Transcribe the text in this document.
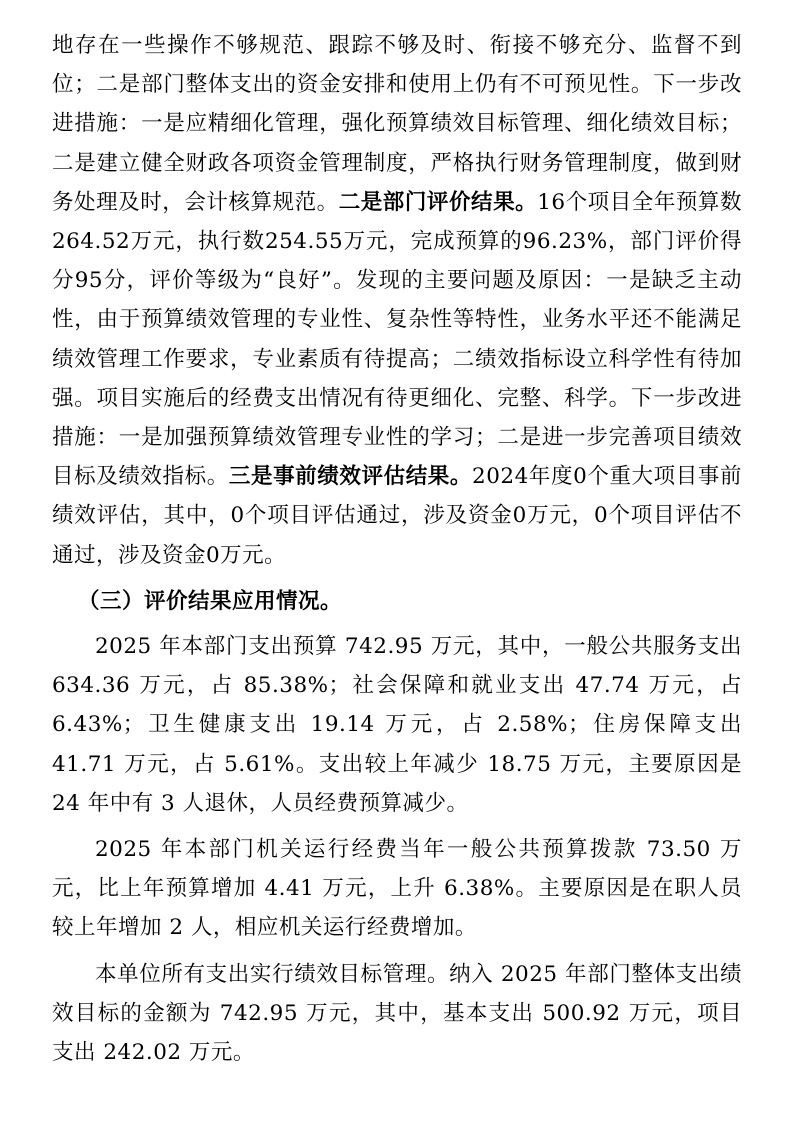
地存在一些操作不够规范、跟踪不够及时、衔接不够充分、监督不到位；二是部门整体支出的资金安排和使用上仍有不可预见性。下一步改进措施：一是应精细化管理，强化预算绩效目标管理、细化绩效目标；二是建立健全财政各项资金管理制度，严格执行财务管理制度，做到财务处理及时，会计核算规范。二是部门评价结果。16个项目全年预算数264.52万元，执行数254.55万元，完成预算的96.23%，部门评价得分95分，评价等级为“良好”。发现的主要问题及原因：一是缺乏主动性，由于预算绩效管理的专业性、复杂性等特性，业务水平还不能满足绩效管理工作要求，专业素质有待提高；二绩效指标设立科学性有待加强。项目实施后的经费支出情况有待更细化、完整、科学。下一步改进措施：一是加强预算绩效管理专业性的学习；二是进一步完善项目绩效目标及绩效指标。三是事前绩效评估结果。2024年度0个重大项目事前绩效评估，其中，0个项目评估通过，涉及资金0万元，0个项目评估不通过，涉及资金0万元。

（三）评价结果应用情况。

2025 年本部门支出预算 742.95 万元，其中，一般公共服务支出 634.36 万元，占 85.38%；社会保障和就业支出 47.74 万元，占 6.43%；卫生健康支出 19.14 万元，占 2.58%；住房保障支出 41.71 万元，占 5.61%。支出较上年减少 18.75 万元，主要原因是 24 年中有 3 人退休，人员经费预算减少。

2025 年本部门机关运行经费当年一般公共预算拨款 73.50 万元，比上年预算增加 4.41 万元，上升 6.38%。主要原因是在职人员较上年增加 2 人，相应机关运行经费增加。

本单位所有支出实行绩效目标管理。纳入 2025 年部门整体支出绩效目标的金额为 742.95 万元，其中，基本支出 500.92 万元，项目支出 242.02 万元。
